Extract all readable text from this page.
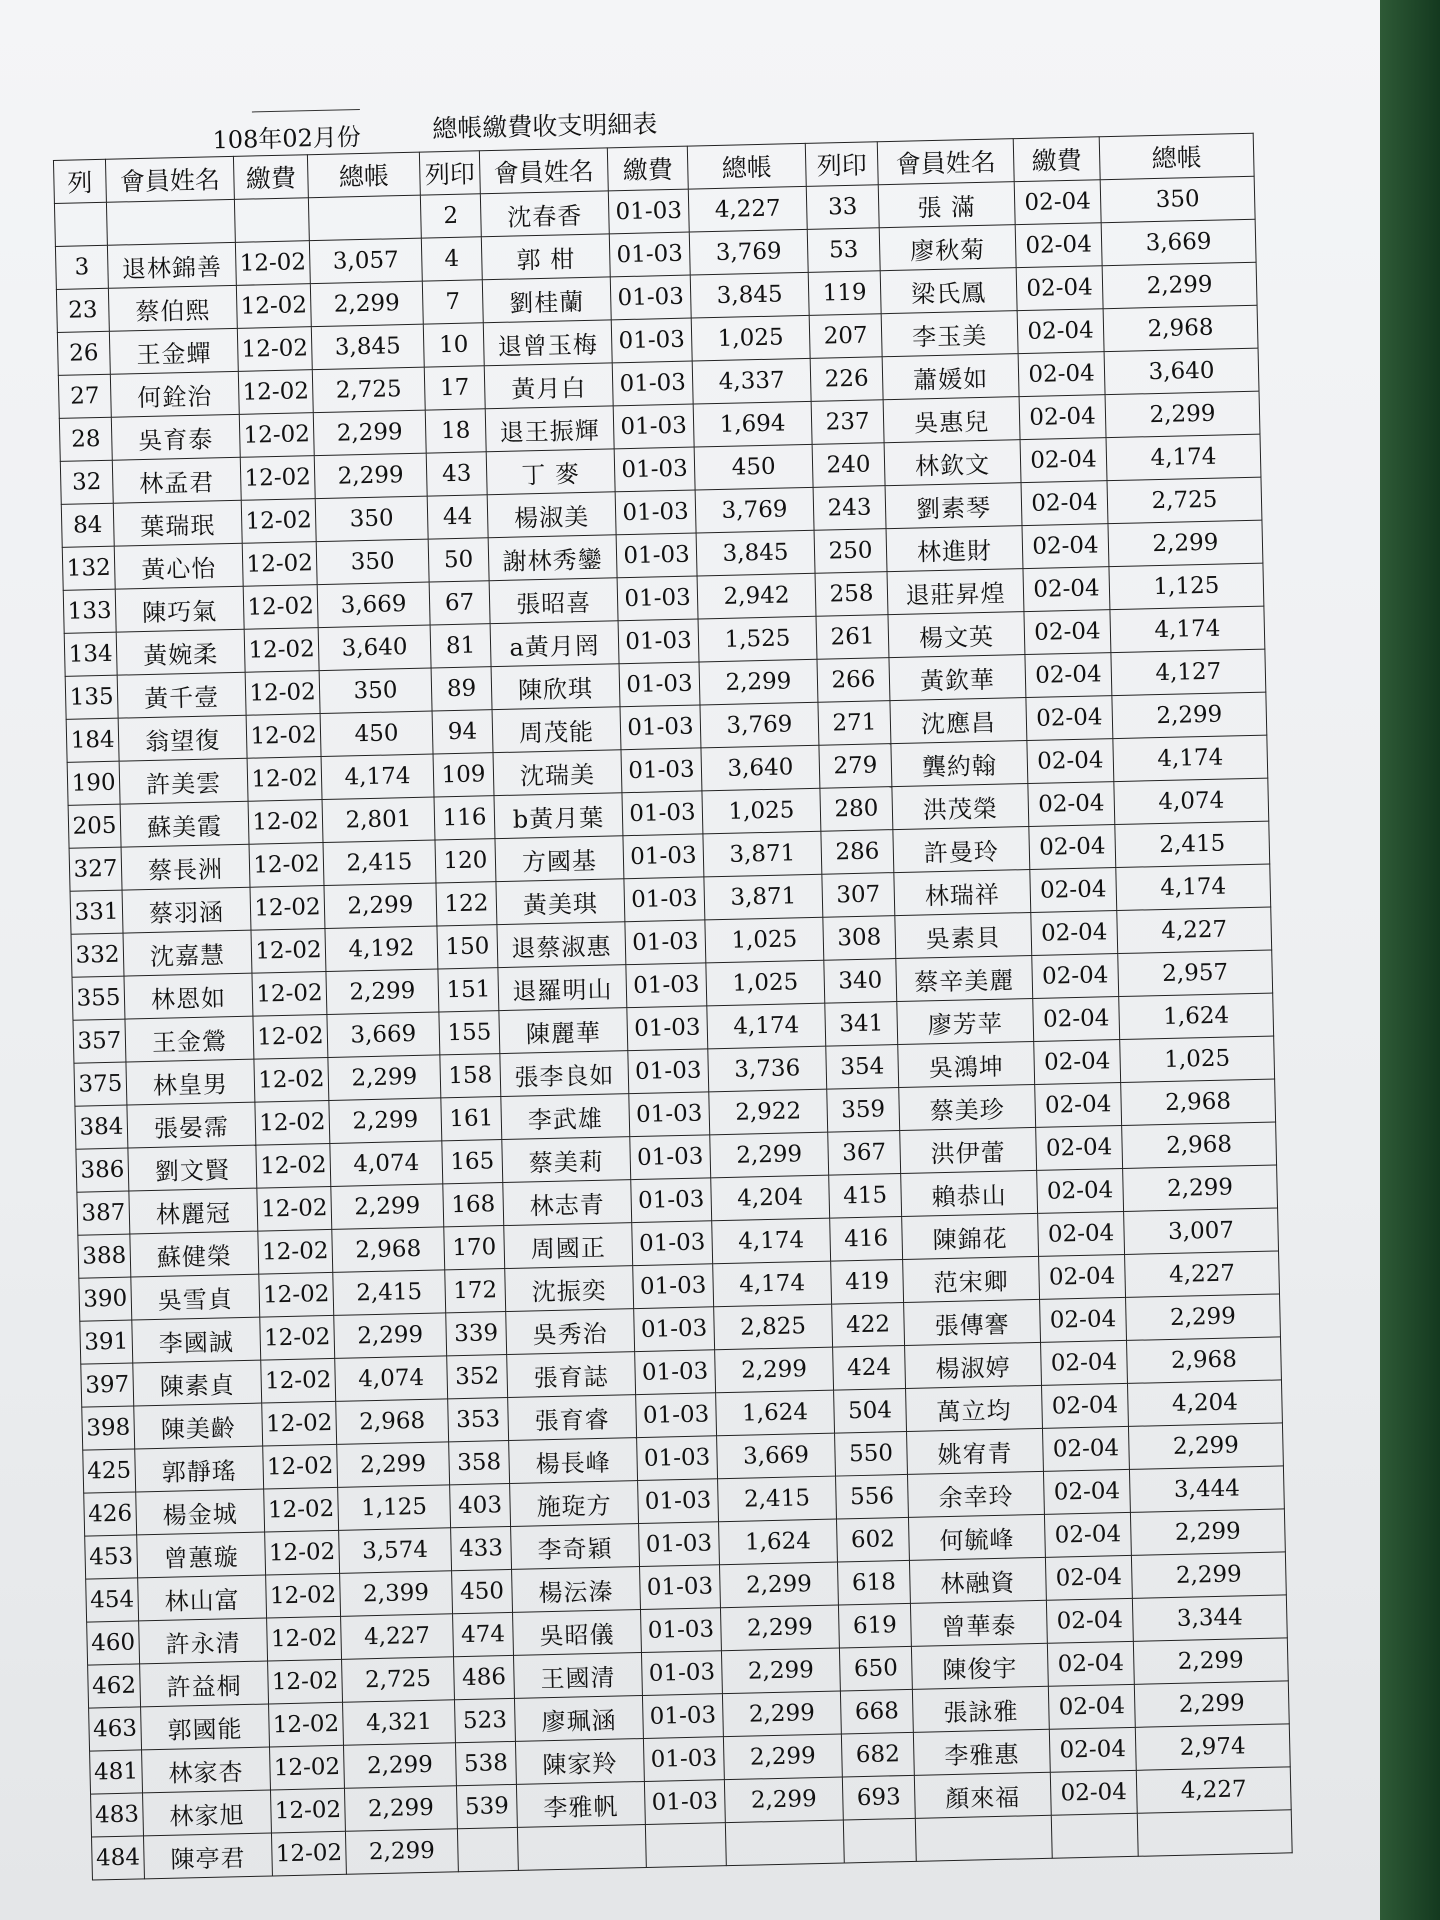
108年02月份	總帳繳費收支明細表
列	會員姓名	繳費	總帳	列印	會員姓名	繳費	總帳	列印	會員姓名	繳費	總帳
				2	沈春香	01-03	4,227	33	張 滿	02-04	350
3	退林錦善	12-02	3,057	4	郭 柑	01-03	3,769	53	廖秋菊	02-04	3,669
23	蔡伯熙	12-02	2,299	7	劉桂蘭	01-03	3,845	119	梁氏鳳	02-04	2,299
26	王金蟬	12-02	3,845	10	退曾玉梅	01-03	1,025	207	李玉美	02-04	2,968
27	何銓治	12-02	2,725	17	黃月白	01-03	4,337	226	蕭媛如	02-04	3,640
28	吳育泰	12-02	2,299	18	退王振輝	01-03	1,694	237	吳惠兒	02-04	2,299
32	林孟君	12-02	2,299	43	丁 麥	01-03	450	240	林欽文	02-04	4,174
84	葉瑞珉	12-02	350	44	楊淑美	01-03	3,769	243	劉素琴	02-04	2,725
132	黃心怡	12-02	350	50	謝林秀鑾	01-03	3,845	250	林進財	02-04	2,299
133	陳巧氣	12-02	3,669	67	張昭喜	01-03	2,942	258	退莊昇煌	02-04	1,125
134	黃婉柔	12-02	3,640	81	a黃月罔	01-03	1,525	261	楊文英	02-04	4,174
135	黃千壹	12-02	350	89	陳欣琪	01-03	2,299	266	黃欽華	02-04	4,127
184	翁望復	12-02	450	94	周茂能	01-03	3,769	271	沈應昌	02-04	2,299
190	許美雲	12-02	4,174	109	沈瑞美	01-03	3,640	279	龔約翰	02-04	4,174
205	蘇美霞	12-02	2,801	116	b黃月葉	01-03	1,025	280	洪茂榮	02-04	4,074
327	蔡長洲	12-02	2,415	120	方國基	01-03	3,871	286	許曼玲	02-04	2,415
331	蔡羽涵	12-02	2,299	122	黃美琪	01-03	3,871	307	林瑞祥	02-04	4,174
332	沈嘉慧	12-02	4,192	150	退蔡淑惠	01-03	1,025	308	吳素貝	02-04	4,227
355	林恩如	12-02	2,299	151	退羅明山	01-03	1,025	340	蔡辛美麗	02-04	2,957
357	王金鶯	12-02	3,669	155	陳麗華	01-03	4,174	341	廖芳苹	02-04	1,624
375	林皇男	12-02	2,299	158	張李良如	01-03	3,736	354	吳鴻坤	02-04	1,025
384	張晏霈	12-02	2,299	161	李武雄	01-03	2,922	359	蔡美珍	02-04	2,968
386	劉文賢	12-02	4,074	165	蔡美莉	01-03	2,299	367	洪伊蕾	02-04	2,968
387	林麗冠	12-02	2,299	168	林志青	01-03	4,204	415	賴恭山	02-04	2,299
388	蘇健榮	12-02	2,968	170	周國正	01-03	4,174	416	陳錦花	02-04	3,007
390	吳雪貞	12-02	2,415	172	沈振奕	01-03	4,174	419	范宋卿	02-04	4,227
391	李國誠	12-02	2,299	339	吳秀治	01-03	2,825	422	張傳謇	02-04	2,299
397	陳素貞	12-02	4,074	352	張育誌	01-03	2,299	424	楊淑婷	02-04	2,968
398	陳美齡	12-02	2,968	353	張育睿	01-03	1,624	504	萬立均	02-04	4,204
425	郭靜瑤	12-02	2,299	358	楊長峰	01-03	3,669	550	姚宥青	02-04	2,299
426	楊金城	12-02	1,125	403	施琁方	01-03	2,415	556	余幸玲	02-04	3,444
453	曾蕙璇	12-02	3,574	433	李奇穎	01-03	1,624	602	何毓峰	02-04	2,299
454	林山富	12-02	2,399	450	楊沄溱	01-03	2,299	618	林融資	02-04	2,299
460	許永清	12-02	4,227	474	吳昭儀	01-03	2,299	619	曾華泰	02-04	3,344
462	許益桐	12-02	2,725	486	王國清	01-03	2,299	650	陳俊宇	02-04	2,299
463	郭國能	12-02	4,321	523	廖珮涵	01-03	2,299	668	張詠雅	02-04	2,299
481	林家杏	12-02	2,299	538	陳家羚	01-03	2,299	682	李雅惠	02-04	2,974
483	林家旭	12-02	2,299	539	李雅帆	01-03	2,299	693	顏來福	02-04	4,227
484	陳亭君	12-02	2,299								
